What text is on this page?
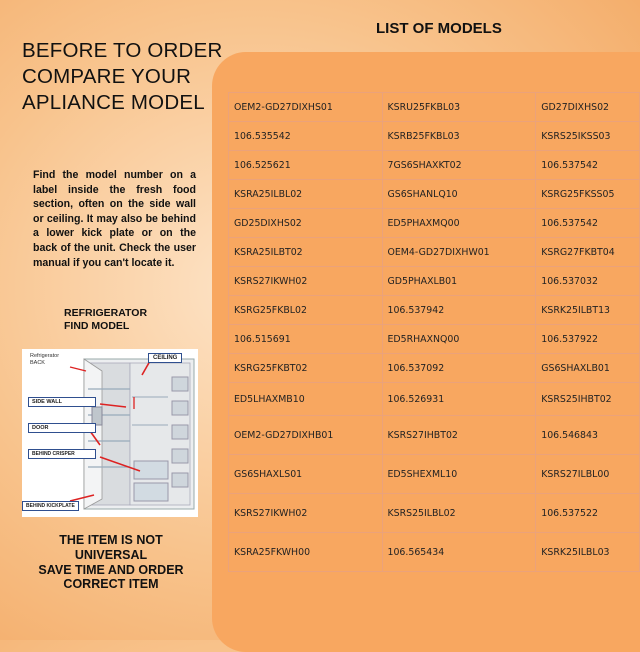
BEFORE TO ORDER
COMPARE YOUR
APLIANCE MODEL
LIST OF MODELS
Find the model number on a label inside the fresh food section, often on the side wall or ceiling. It may also be behind a lower kick plate or on the back of the unit. Check the user manual if you can't locate it.
REFRIGERATOR
FIND MODEL
Refrigerator
BACK
CEILING
SIDE WALL
DOOR
BEHIND CRISPER
BEHIND KICKPLATE
THE ITEM IS NOT
UNIVERSAL
SAVE TIME AND ORDER
CORRECT ITEM
OEM2-GD27DIXHS01	KSRU25FKBL03	GD27DIXHS02
106.535542	KSRB25FKBL03	KSRS25IKSS03
106.525621	7GS6SHAXKT02	106.537542
KSRA25ILBL02	GS6SHANLQ10	KSRG25FKSS05
GD25DIXHS02	ED5PHAXMQ00	106.537542
KSRA25ILBT02	OEM4-GD27DIXHW01	KSRG27FKBT04
KSRS27IKWH02	GD5PHAXLB01	106.537032
KSRG25FKBL02	106.537942	KSRK25ILBT13
106.515691	ED5RHAXNQ00	106.537922
KSRG25FKBT02	106.537092	GS6SHAXLB01
ED5LHAXMB10	106.526931	KSRS25IHBT02
OEM2-GD27DIXHB01	KSRS27IHBT02	106.546843
GS6SHAXLS01	ED5SHEXML10	KSRS27ILBL00
KSRS27IKWH02	KSRS25ILBL02	106.537522
KSRA25FKWH00	106.565434	KSRK25ILBL03
